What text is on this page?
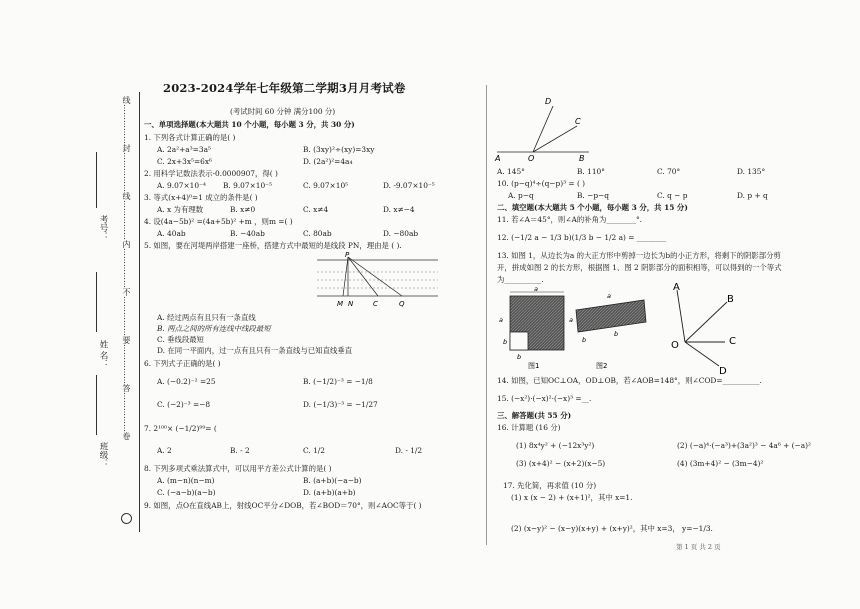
线……………封……………线……………内……………不……………要……………答……………卷
考号：
姓 名：
班级：
2023-2024学年七年级第二学期3月月考试卷
(考试时间 60 分钟 满分100 分)
一、单项选择题(本大题共 10 个小题，每小题 3 分，共 30 分)
1. 下列各式计算正确的是( )
A. 2a²+a³=3a⁵	B. (3xy)²÷(xy)=3xy
C. 2x+3x⁵=6x⁶	D. (2a²)²=4a₄
2. 用科学记数法表示-0.0000907，得( )
A. 9.07×10⁻⁴ B. 9.07×10⁻⁵	C. 9.07×10⁵	D. -9.07×10⁻⁵
3. 等式(x+4)⁰=1 成立的条件是( )
A. x 为有理数	B. x≠0	C. x≠4	D. x≠−4
4. 设(4a−5b)² =(4a+5b)² +m ，则m =( )
A. 40ab	B. −40ab	C. 80ab	D. −80ab
5. 如图，要在河堤两岸搭建一座桥，搭建方式中最短的是线段 PN，理由是 ( ).
P
M N	C	Q
A. 经过两点有且只有一条直线
B. 两点之间的所有连线中线段最短
C. 垂线段最短
D. 在同一平面内，过一点有且只有一条直线与已知直线垂直
6. 下列式子正确的是( )
A. (−0.2)⁻² =25	B. (−1/2)⁻³ = −1/8
C. (−2)⁻³ =−8	D. (−1/3)⁻³ = −1/27
7. 2¹⁰⁰× (−1/2)⁹⁹= (
A. 2	B. - 2	C. 1/2	D. - 1/2
8. 下列多项式乘法算式中，可以用平方差公式计算的是( )
A. (m−n)(n−m)	B. (a+b)(−a−b)
C. (−a−b)(a−b)	D. (a+b)(a+b)
9. 如图，点O在直线AB上，射线OC平分∠DOB，若∠BOD＝70°，则∠AOC等于( )
D
C
A	O	B
A. 145°	B. 110°	C. 70°	D. 135°
10. (p−q)⁴÷(q−p)³ = ( )
A. p−q	B. −p−q	C. q − p	D. p + q
二、填空题(本大题共 5 个小题，每小题 3 分，共 15 分)
11. 若∠A＝45°，则∠A的补角为________°.
12. (−1/2 a − 1/3 b)(1/3 b − 1/2 a) = ________
13. 如图 1，从边长为a 的大正方形中剪掉一边长为b的小正方形，将剩下的阴影部分剪
开，拼成如图 2 的长方形，根据图 1、图 2 阴影部分的面积相等，可以得到的一个等式
为__________.
a
a
b
b
图1
a
a
b
b
图2
A
B
C
D
O
14. 如图，已知OC⊥OA，OD⊥OB，若∠AOB=148°，则∠COD=__________.
15. (−x²)·(−x)²·(−x)³ =__.
三、解答题(共 55 分)
16. 计算题 (16 分)
(1) 8x⁴y² + (−12x³y²)	(2) (−a)⁴·(−a³)+(3a²)³ − 4a⁶ + (−a)²
(3) (x+4)² − (x+2)(x−5)	(4) (3m+4)² − (3m−4)²
17. 先化简，再求值 (10 分)
(1) x (x − 2) + (x+1)²，其中 x=1.
(2) (x−y)² − (x−y)(x+y) + (x+y)²，其中 x=3， y=−1/3.
第 1 页 共 2 页
